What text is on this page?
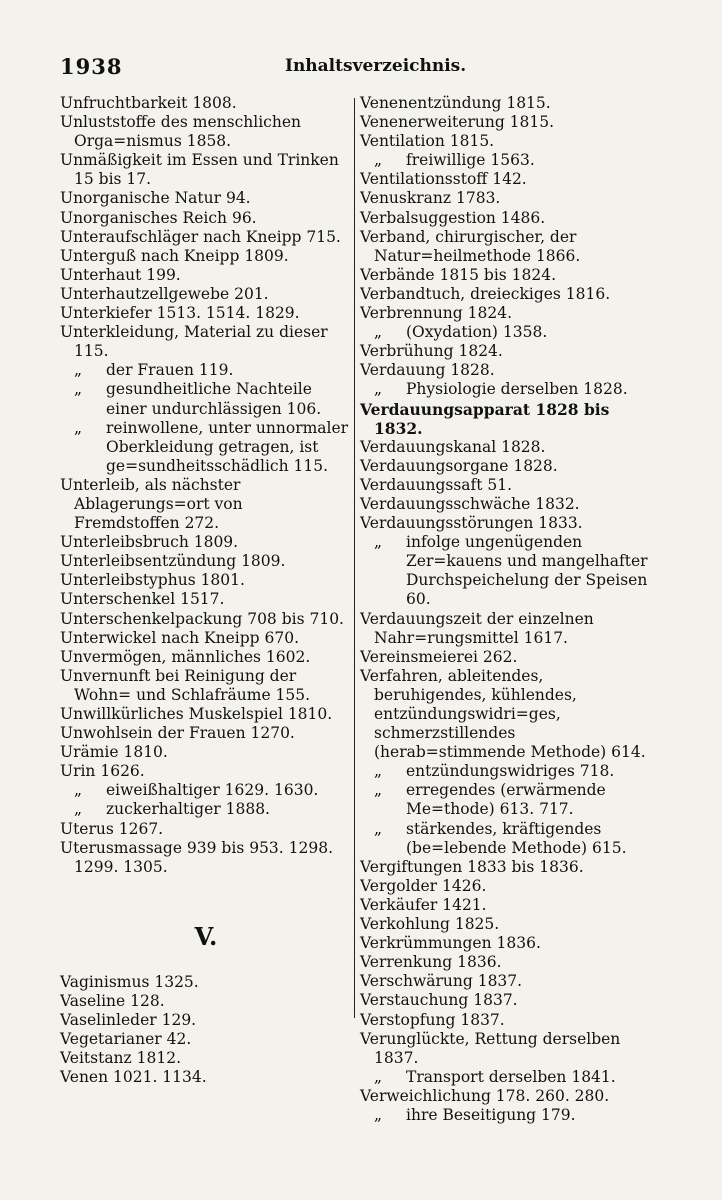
1938	Inhaltsverzeichnis.

Unfruchtbarkeit 1808.

Unluststoffe des menschlichen Orga=nismus 1858.

Unmäßigkeit im Essen und Trinken 15 bis 17.

Unorganische Natur 94.

Unorganisches Reich 96.

Unteraufschläger nach Kneipp 715.

Unterguß nach Kneipp 1809.

Unterhaut 199.

Unterhautzellgewebe 201.

Unterkiefer 1513. 1514. 1829.

Unterkleidung, Material zu dieser 115.

„ der Frauen 119.

„ gesundheitliche Nachteile einer undurchlässigen 106.

„ reinwollene, unter unnormaler Oberkleidung getragen, ist ge=sundheitsschädlich 115.

Unterleib, als nächster Ablagerungs=ort von Fremdstoffen 272.

Unterleibsbruch 1809.

Unterleibsentzündung 1809.

Unterleibstyphus 1801.

Unterschenkel 1517.

Unterschenkelpackung 708 bis 710.

Unterwickel nach Kneipp 670.

Unvermögen, männliches 1602.

Unvernunft bei Reinigung der Wohn= und Schlafräume 155.

Unwillkürliches Muskelspiel 1810.

Unwohlsein der Frauen 1270.

Urämie 1810.

Urin 1626.

„ eiweißhaltiger 1629. 1630.

„ zuckerhaltiger 1888.

Uterus 1267.

Uterusmassage 939 bis 953. 1298. 1299. 1305.

V.

Vaginismus 1325.

Vaseline 128.

Vaselinleder 129.

Vegetarianer 42.

Veitstanz 1812.

Venen 1021. 1134.

Venenentzündung 1815.

Venenerweiterung 1815.

Ventilation 1815.

„ freiwillige 1563.

Ventilationsstoff 142.

Venuskranz 1783.

Verbalsuggestion 1486.

Verband, chirurgischer, der Natur=heilmethode 1866.

Verbände 1815 bis 1824.

Verbandtuch, dreieckiges 1816.

Verbrennung 1824.

„ (Oxydation) 1358.

Verbrühung 1824.

Verdauung 1828.

„ Physiologie derselben 1828.

Verdauungsapparat 1828 bis 1832.

Verdauungskanal 1828.

Verdauungsorgane 1828.

Verdauungssaft 51.

Verdauungsschwäche 1832.

Verdauungsstörungen 1833.

„ infolge ungenügenden Zer=kauens und mangelhafter Durchspeichelung der Speisen 60.

Verdauungszeit der einzelnen Nahr=rungsmittel 1617.

Vereinsmeierei 262.

Verfahren, ableitendes, beruhigendes, kühlendes, entzündungswidri=ges, schmerzstillendes (herab=stimmende Methode) 614.

„ entzündungswidriges 718.

„ erregendes (erwärmende Me=thode) 613. 717.

„ stärkendes, kräftigendes (be=lebende Methode) 615.

Vergiftungen 1833 bis 1836.

Vergolder 1426.

Verkäufer 1421.

Verkohlung 1825.

Verkrümmungen 1836.

Verrenkung 1836.

Verschwärung 1837.

Verstauchung 1837.

Verstopfung 1837.

Verunglückte, Rettung derselben 1837.

„ Transport derselben 1841.

Verweichlichung 178. 260. 280.

„ ihre Beseitigung 179.
